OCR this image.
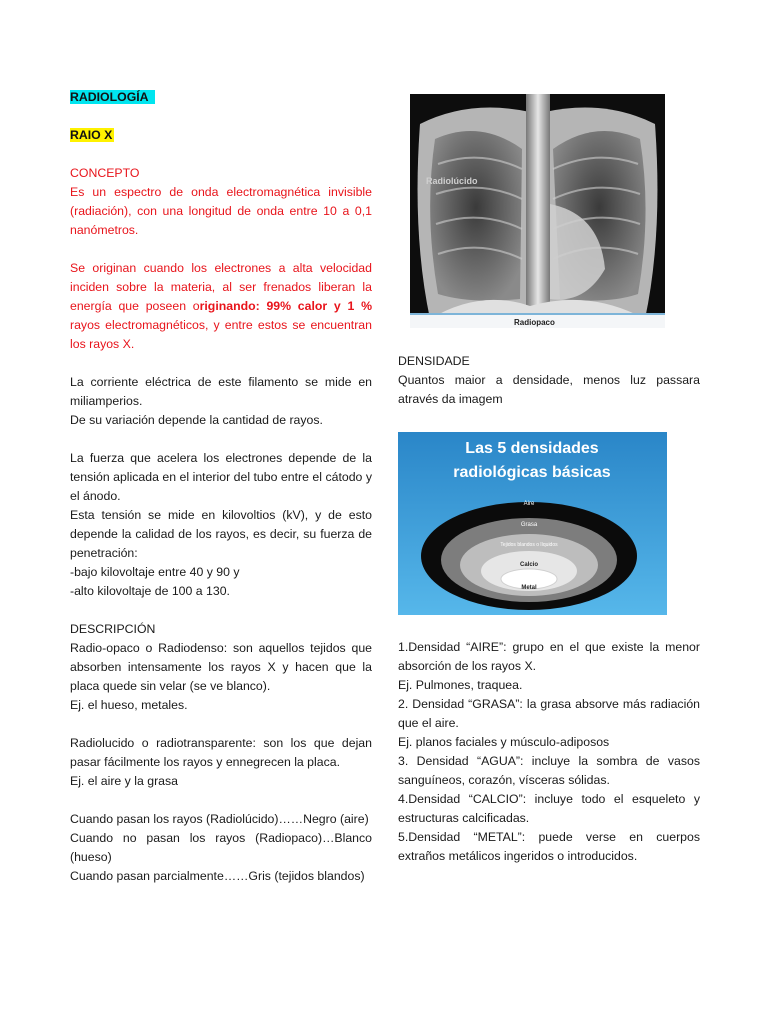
RADIOLOGÍA

RAIO X

CONCEPTO

Es un espectro de onda electromagnética invisible (radiación), con una longitud de onda entre 10 a 0,1 nanómetros.

Se originan cuando los electrones a alta velocidad inciden sobre la materia, al ser frenados liberan la energía que poseen originando: 99% calor y 1 % rayos electromagnéticos, y entre estos se encuentran los rayos X.

La corriente eléctrica de este filamento se mide en miliamperios.

De su variación depende la cantidad de rayos.

La fuerza que acelera los electrones depende de la tensión aplicada en el interior del tubo entre el cátodo y el ánodo.

Esta tensión se mide en kilovoltios (kV), y de esto depende la calidad de los rayos, es decir, su fuerza de penetración:

-bajo kilovoltaje entre 40 y 90 y

-alto kilovoltaje de 100 a 130.

DESCRIPCIÓN

Radio-opaco o Radiodenso: son aquellos tejidos que absorben intensamente los rayos X y hacen que la placa quede sin velar (se ve blanco).

Ej. el hueso, metales.

Radiolucido o radiotransparente: son los que dejan pasar fácilmente los rayos y ennegrecen la placa.

Ej. el aire y la grasa

Cuando pasan los rayos (Radiolúcido)……Negro (aire)

Cuando no pasan los rayos (Radiopaco)…Blanco (hueso)

Cuando pasan parcialmente……Gris (tejidos blandos)

Radiolúcido
Radiopaco

DENSIDADE

Quantos maior a densidade, menos luz passara através da imagem

Las 5 densidades
radiológicas básicas
Aire
Grasa
Tejidos blandos o líquidos
Calcio
Metal

1.Densidad “AIRE”: grupo en el que existe la menor absorción de los rayos X.

Ej. Pulmones, traquea.

2. Densidad “GRASA”: la grasa absorve más radiación que el aire.

Ej. planos faciales y músculo-adiposos

3. Densidad “AGUA”: incluye la sombra de vasos sanguíneos, corazón, vísceras sólidas.

4.Densidad “CALCIO”: incluye todo el esqueleto y estructuras calcificadas.

5.Densidad “METAL”: puede verse en cuerpos extraños metálicos ingeridos o introducidos.
